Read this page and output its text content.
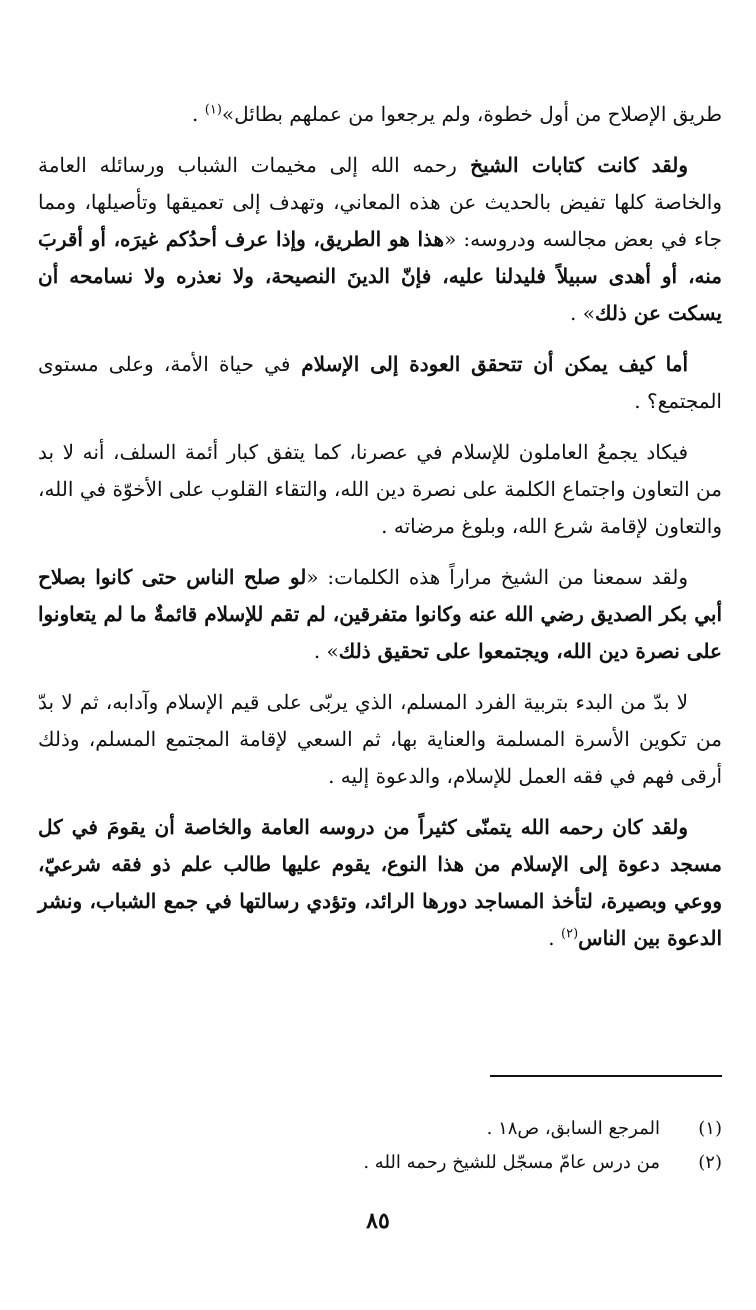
طريق الإصلاح من أول خطوة، ولم يرجعوا من عملهم بطائل»$^{(١)}$ .

ولقد كانت كتابات الشيخ رحمه الله إلى مخيمات الشباب ورسائله العامة والخاصة كلها تفيض بالحديث عن هذه المعاني، وتهدف إلى تعميقها وتأصيلها، ومما جاء في بعض مجالسه ودروسه: «هذا هو الطريق، وإذا عرف أحدُكم غيرَه، أو أقربَ منه، أو أهدى سبيلاً فليدلنا عليه، فإنّ الدينَ النصيحة، ولا نعذره ولا نسامحه أن يسكت عن ذلك» .

أما كيف يمكن أن تتحقق العودة إلى الإسلام في حياة الأمة، وعلى مستوى المجتمع؟ .

فيكاد يجمعُ العاملون للإسلام في عصرنا، كما يتفق كبار أئمة السلف، أنه لا بد من التعاون واجتماع الكلمة على نصرة دين الله، والتقاء القلوب على الأخوّة في الله، والتعاون لإقامة شرع الله، وبلوغ مرضاته .

ولقد سمعنا من الشيخ مراراً هذه الكلمات: «لو صلح الناس حتى كانوا بصلاح أبي بكر الصديق رضي الله عنه وكانوا متفرقين، لم تقم للإسلام قائمةٌ ما لم يتعاونوا على نصرة دين الله، ويجتمعوا على تحقيق ذلك» .

لا بدّ من البدء بتربية الفرد المسلم، الذي يربّى على قيم الإسلام وآدابه، ثم لا بدّ من تكوين الأسرة المسلمة والعناية بها، ثم السعي لإقامة المجتمع المسلم، وذلك أرقى فهم في فقه العمل للإسلام، والدعوة إليه .

ولقد كان رحمه الله يتمنّى كثيراً من دروسه العامة والخاصة أن يقومَ في كل مسجد دعوة إلى الإسلام من هذا النوع، يقوم عليها طالب علم ذو فقه شرعيّ، ووعي وبصيرة، لتأخذ المساجد دورها الرائد، وتؤدي رسالتها في جمع الشباب، ونشر الدعوة بين الناس$^{(٢)}$ .

(١)
المرجع السابق، ص١٨ .
(٢)
من درس عامّ مسجّل للشيخ رحمه الله .
٨٥
